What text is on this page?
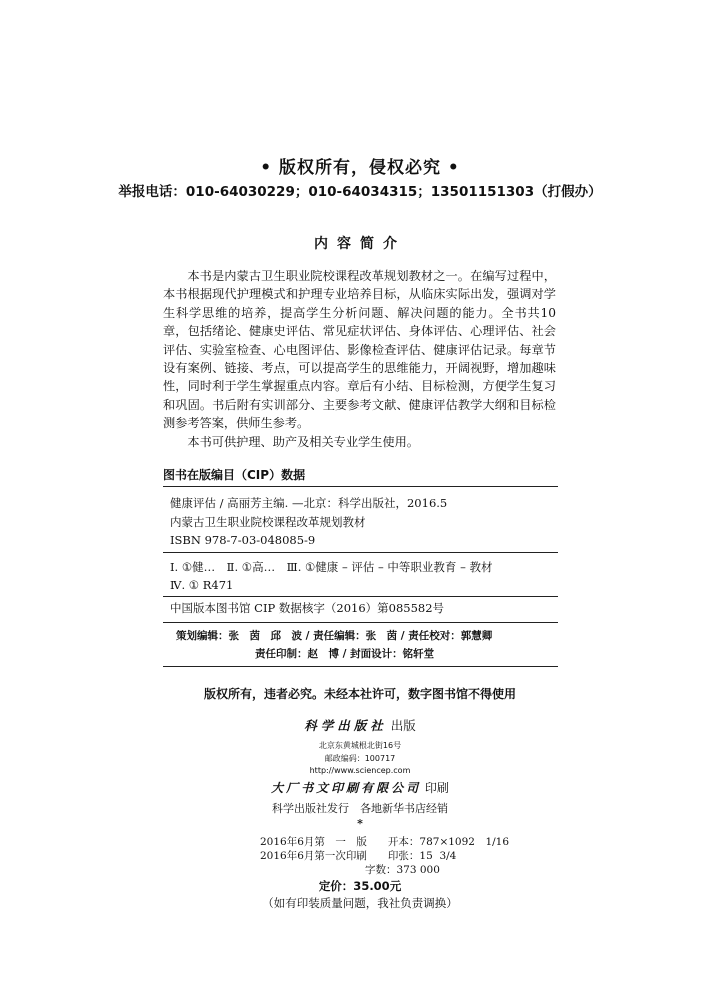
• 版权所有，侵权必究 •
举报电话：010-64030229；010-64034315；13501151303（打假办）
内容简介

本书是内蒙古卫生职业院校课程改革规划教材之一。在编写过程中，本书根据现代护理模式和护理专业培养目标，从临床实际出发，强调对学生科学思维的培养，提高学生分析问题、解决问题的能力。全书共10章，包括绪论、健康史评估、常见症状评估、身体评估、心理评估、社会评估、实验室检查、心电图评估、影像检查评估、健康评估记录。每章节设有案例、链接、考点，可以提高学生的思维能力，开阔视野，增加趣味性，同时利于学生掌握重点内容。章后有小结、目标检测，方便学生复习和巩固。书后附有实训部分、主要参考文献、健康评估教学大纲和目标检测参考答案，供师生参考。

本书可供护理、助产及相关专业学生使用。

图书在版编目（CIP）数据
健康评估 / 高丽芳主编. —北京：科学出版社，2016.5
内蒙古卫生职业院校课程改革规划教材
ISBN 978-7-03-048085-9
Ⅰ. ①健…　Ⅱ. ①高…　Ⅲ. ①健康 – 评估 – 中等职业教育 – 教材
Ⅳ. ① R471
中国版本图书馆 CIP 数据核字（2016）第085582号
策划编辑：张　茵　邱　波 / 责任编辑：张　茵 / 责任校对：郭慧卿
责任印制：赵　博 / 封面设计：铭轩堂
版权所有，违者必究。未经本社许可，数字图书馆不得使用
科学出版社 出版
北京东黄城根北街16号
邮政编码：100717
http://www.sciencep.com
大厂书文印刷有限公司 印刷
科学出版社发行　各地新华书店经销
*
2016年6月第　一　版　　开本：787×1092　1/16
2016年6月第一次印刷　　印张：15  3/4
　　　　　　　　　　字数：373 000
定价：35.00元
（如有印装质量问题，我社负责调换）
